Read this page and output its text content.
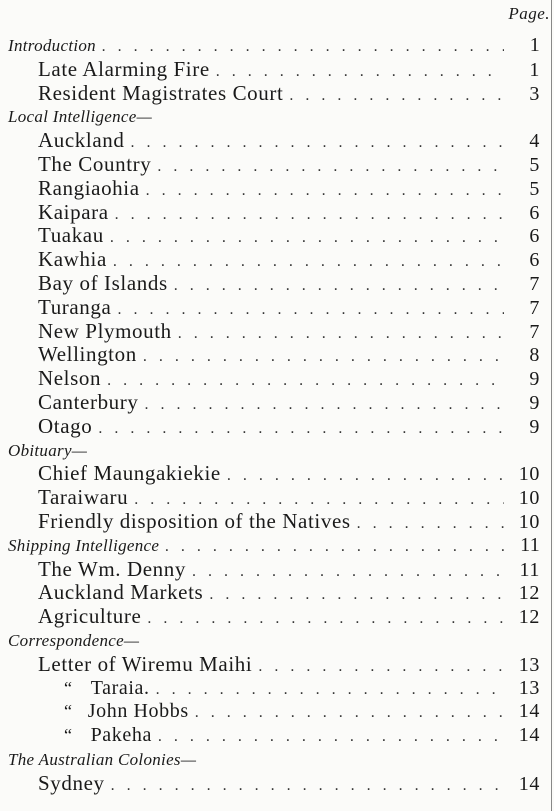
Page.
Introduction . . .	1
Late Alarming Fire . . .	1
Resident Magistrates Court . . .	3
Local Intelligence—
Auckland . . .	4
The Country . . .	5
Rangiaohia . . .	5
Kaipara . . .	6
Tuakau . . .	6
Kawhia . . .	6
Bay of Islands . . .	7
Turanga . . .	7
New Plymouth . . .	7
Wellington . . .	8
Nelson . . .	9
Canterbury . . .	9
Otago . . .	9
Obituary—
Chief Maungakiekie . . .	10
Taraiwaru . . .	10
Friendly disposition of the Natives . . .	10
Shipping Intelligence . . .	11
The Wm. Denny . . .	11
Auckland Markets . . .	12
Agriculture . . .	12
Correspondence—
Letter of Wiremu Maihi . . .	13
“ Taraia. . . .	13
“ John Hobbs . . .	14
“ Pakeha . . .	14
The Australian Colonies—
Sydney . . .	14
